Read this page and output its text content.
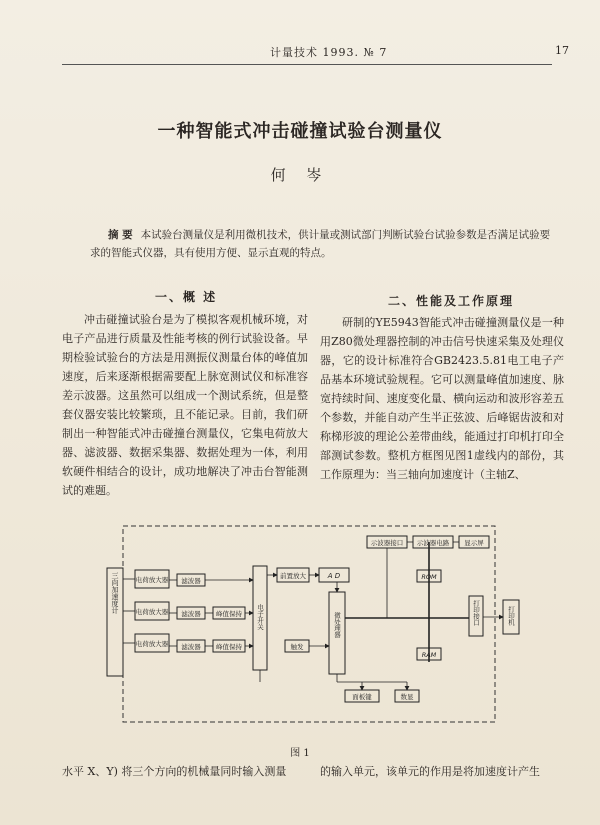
计量技术 1993. № 7	17
一种智能式冲击碰撞试验台测量仪
何 岑
摘 要 本试验台测量仪是利用微机技术，供计量或测试部门判断试验台试验参数是否满足试验要求的智能式仪器，具有使用方便、显示直观的特点。
一、概 述	二、性能及工作原理

冲击碰撞试验台是为了模拟客观机械环境，对电子产品进行质量及性能考核的例行试验设备。早期检验试验台的方法是用测振仪测量台体的峰值加速度，后来逐渐根据需要配上脉宽测试仪和标准容差示波器。这虽然可以组成一个测试系统，但是整套仪器安装比较繁琐，且不能记录。目前，我们研制出一种智能式冲击碰撞台测量仪，它集电荷放大器、滤波器、数据采集器、数据处理为一体，利用软硬件相结合的设计，成功地解决了冲击台智能测试的难题。

研制的YE5943智能式冲击碰撞测量仪是一种用Z80微处理器控制的冲击信号快速采集及处理仪器，它的设计标准符合GB2423.5.81电工电子产品基本环境试验规程。它可以测量峰值加速度、脉宽持续时间、速度变化量、横向运动和波形容差五个参数，并能自动产生半正弦波、后峰锯齿波和对称梯形波的理论公差带曲线，能通过打印机打印全部测试参数。整机方框图见图1虚线内的部份，其工作原理为：当三轴向加速度计（主轴Z、

三向加速度计	电荷放大器
电荷放大器
电荷放大器
滤波器
滤波器
滤波器
峰值保持
峰值保持
电子开关
前置放大	A D
触发
微处理器
示波器接口 示波器电路 显示屏
ROM
RAM
打印接口	打印机
面板键	数显
图 1
水平 X、Y) 将三个方向的机械量同时输入测量	的输入单元，该单元的作用是将加速度计产生
